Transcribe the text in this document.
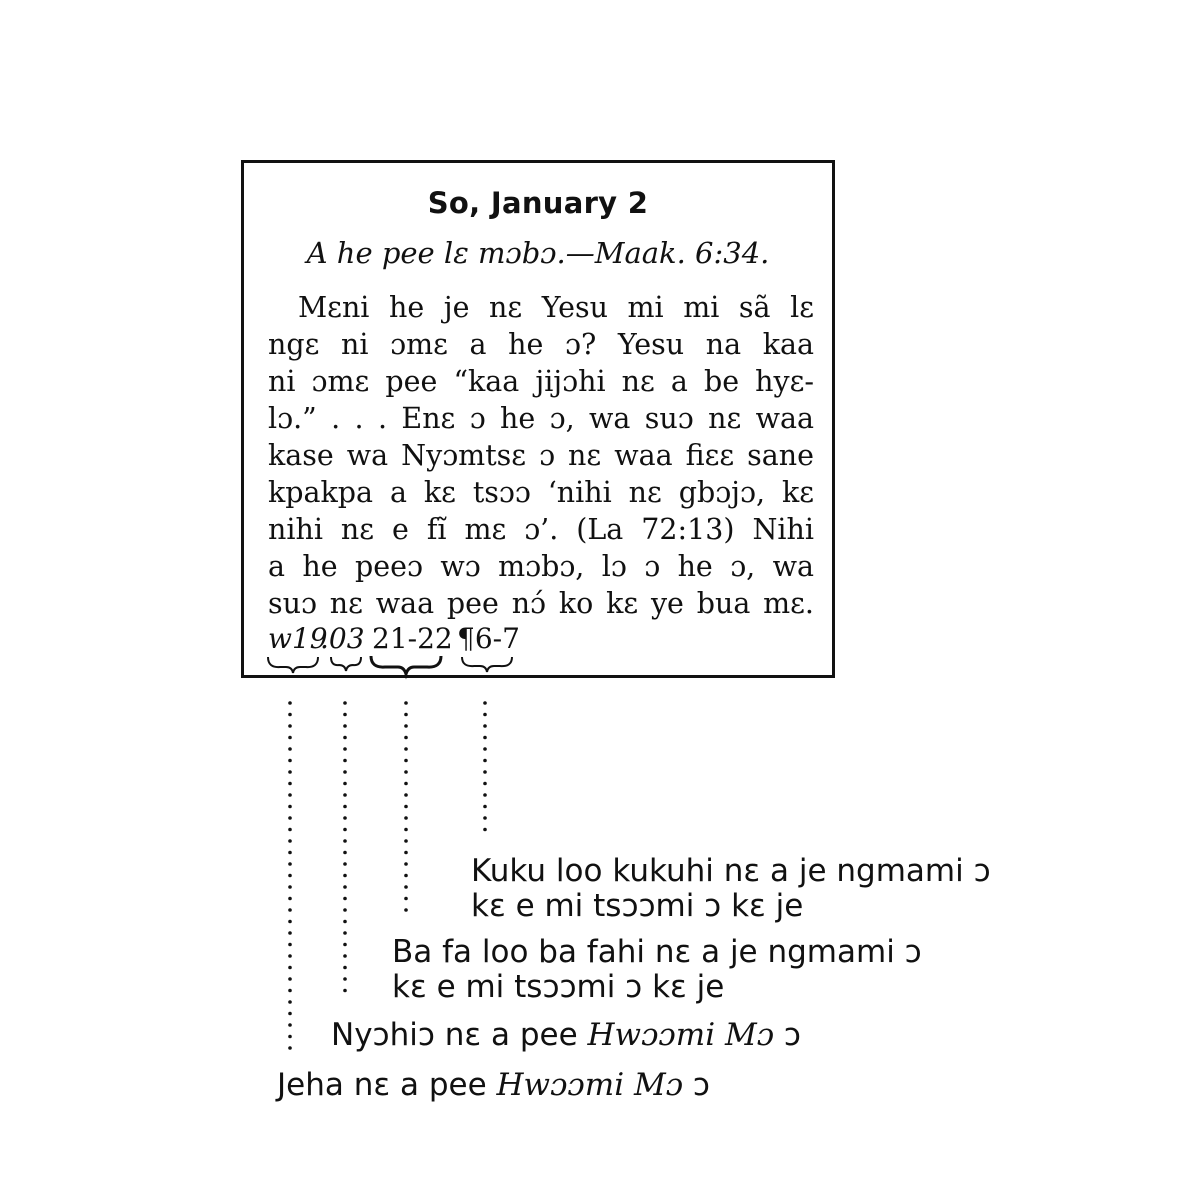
So, January 2
A he pee lɛ mɔbɔ.—Maak. 6:34.
Mɛni he je nɛ Yesu mi mi sã lɛ
ngɛ ni ɔmɛ a he ɔ? Yesu na kaa
ni ɔmɛ pee “kaa jijɔhi nɛ a be hyɛ-
lɔ.” . . . Enɛ ɔ he ɔ, wa suɔ nɛ waa
kase wa Nyɔmtsɛ ɔ nɛ waa fiɛɛ sane
kpakpa a kɛ tsɔɔ ‘nihi nɛ gbɔjɔ, kɛ
nihi nɛ e fĩ mɛ ɔ’. (La 72:13) Nihi
a he peeɔ wɔ mɔbɔ, lɔ ɔ he ɔ, wa
suɔ nɛ waa pee nɔ́ ko kɛ ye bua mɛ.
w19
.03 21-22 ¶6-7
Kuku loo kukuhi nɛ a je ngmami ɔ
kɛ e mi tsɔɔmi ɔ kɛ je
Ba fa loo ba fahi nɛ a je ngmami ɔ
kɛ e mi tsɔɔmi ɔ kɛ je
Nyɔhiɔ nɛ a pee Hwɔɔmi Mɔ ɔ
Jeha nɛ a pee Hwɔɔmi Mɔ ɔ
